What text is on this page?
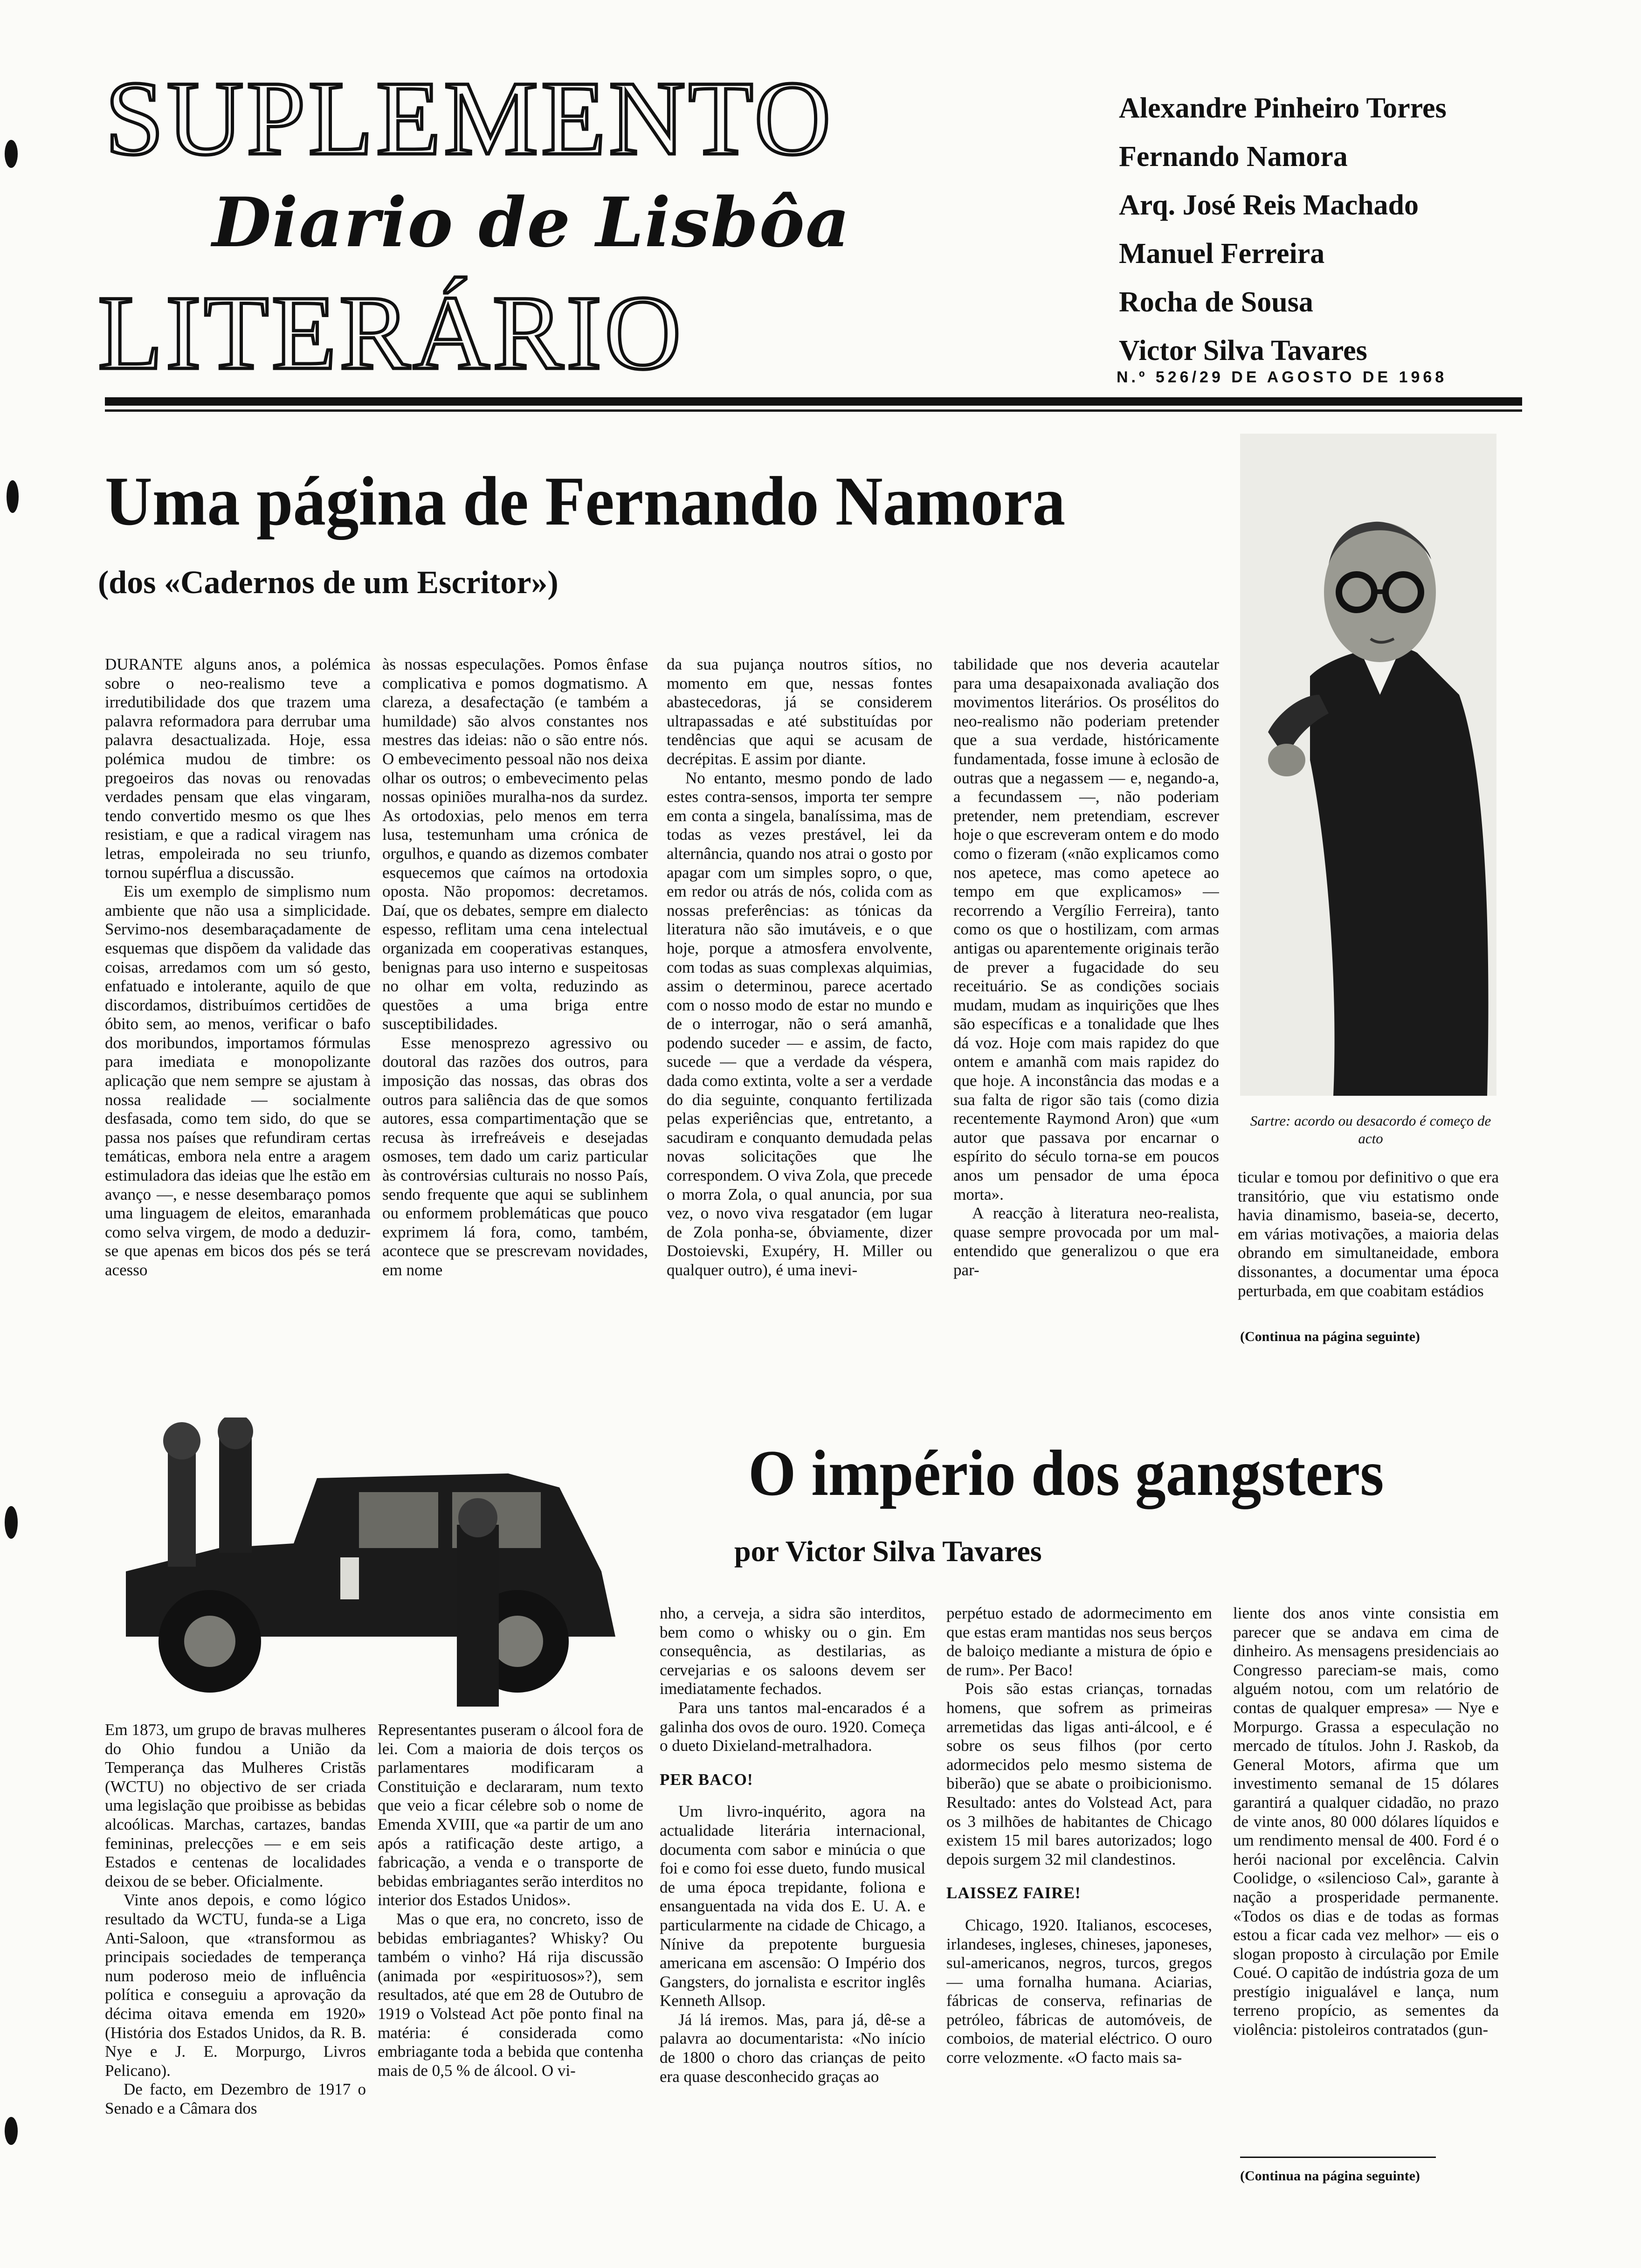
SUPLEMENTO
Diario de Lisbôa
LITERÁRIO
Alexandre Pinheiro Torres
Fernando Namora
Arq. José Reis Machado
Manuel Ferreira
Rocha de Sousa
Victor Silva Tavares
N.º 526/29 DE AGOSTO DE 1968
Uma página de Fernando Namora
(dos «Cadernos de um Escritor»)

DURANTE alguns anos, a polémica sobre o neo-realismo teve a irredutibilidade dos que trazem uma palavra reformadora para derrubar uma palavra desactualizada. Hoje, essa polémica mudou de timbre: os pregoeiros das novas ou renovadas verdades pensam que elas vingaram, tendo convertido mesmo os que lhes resistiam, e que a radical viragem nas letras, empoleirada no seu triunfo, tornou supérflua a discussão.

Eis um exemplo de simplismo num ambiente que não usa a simplicidade. Servimo-nos desembaraçadamente de esquemas que dispõem da validade das coisas, arredamos com um só gesto, enfatuado e intolerante, aquilo de que discordamos, distribuímos certidões de óbito sem, ao menos, verificar o bafo dos moribundos, importamos fórmulas para imediata e monopolizante aplicação que nem sempre se ajustam à nossa realidade — socialmente desfasada, como tem sido, do que se passa nos países que refundiram certas temáticas, embora nela entre a aragem estimuladora das ideias que lhe estão em avanço —, e nesse desembaraço pomos uma linguagem de eleitos, emaranhada como selva virgem, de modo a deduzir-se que apenas em bicos dos pés se terá acesso

às nossas especulações. Pomos ênfase complicativa e pomos dogmatismo. A clareza, a desafectação (e também a humildade) são alvos constantes nos mestres das ideias: não o são entre nós. O embevecimento pessoal não nos deixa olhar os outros; o embevecimento pelas nossas opiniões muralha-nos da surdez. As ortodoxias, pelo menos em terra lusa, testemunham uma crónica de orgulhos, e quando as dizemos combater esquecemos que caímos na ortodoxia oposta. Não propomos: decretamos. Daí, que os debates, sempre em dialecto espesso, reflitam uma cena intelectual organizada em cooperativas estanques, benignas para uso interno e suspeitosas no olhar em volta, reduzindo as questões a uma briga entre susceptibilidades.

Esse menosprezo agressivo ou doutoral das razões dos outros, para imposição das nossas, das obras dos outros para saliência das de que somos autores, essa compartimentação que se recusa às irrefreáveis e desejadas osmoses, tem dado um cariz particular às controvérsias culturais no nosso País, sendo frequente que aqui se sublinhem ou enformem problemáticas que pouco exprimem lá fora, como, também, acontece que se prescrevam novidades, em nome

da sua pujança noutros sítios, no momento em que, nessas fontes abastecedoras, já se considerem ultrapassadas e até substituídas por tendências que aqui se acusam de decrépitas. E assim por diante.

No entanto, mesmo pondo de lado estes contra-sensos, importa ter sempre em conta a singela, banalíssima, mas de todas as vezes prestável, lei da alternância, quando nos atrai o gosto por apagar com um simples sopro, o que, em redor ou atrás de nós, colida com as nossas preferências: as tónicas da literatura não são imutáveis, e o que hoje, porque a atmosfera envolvente, com todas as suas complexas alquimias, assim o determinou, parece acertado com o nosso modo de estar no mundo e de o interrogar, não o será amanhã, podendo suceder — e assim, de facto, sucede — que a verdade da véspera, dada como extinta, volte a ser a verdade do dia seguinte, conquanto fertilizada pelas experiências que, entretanto, a sacudiram e conquanto demudada pelas novas solicitações que lhe correspondem. O viva Zola, que precede o morra Zola, o qual anuncia, por sua vez, o novo viva resgatador (em lugar de Zola ponha-se, óbviamente, dizer Dostoievski, Exupéry, H. Miller ou qualquer outro), é uma inevi-

tabilidade que nos deveria acautelar para uma desapaixonada avaliação dos movimentos literários. Os prosélitos do neo-realismo não poderiam pretender que a sua verdade, históricamente fundamentada, fosse imune à eclosão de outras que a negassem — e, negando-a, a fecundassem —, não poderiam pretender, nem pretendiam, escrever hoje o que escreveram ontem e do modo como o fizeram («não explicamos como nos apetece, mas como apetece ao tempo em que explicamos» — recorrendo a Vergílio Ferreira), tanto como os que o hostilizam, com armas antigas ou aparentemente originais terão de prever a fugacidade do seu receituário. Se as condições sociais mudam, mudam as inquirições que lhes são específicas e a tonalidade que lhes dá voz. Hoje com mais rapidez do que ontem e amanhã com mais rapidez do que hoje. A inconstância das modas e a sua falta de rigor são tais (como dizia recentemente Raymond Aron) que «um autor que passava por encarnar o espírito do século torna-se em poucos anos um pensador de uma época morta».

A reacção à literatura neo-realista, quase sempre provocada por um mal-entendido que generalizou o que era par-

Sartre: acordo ou desacordo é começo de acto

ticular e tomou por definitivo o que era transitório, que viu estatismo onde havia dinamismo, baseia-se, decerto, em várias motivações, a maioria delas obrando em simultaneidade, embora dissonantes, a documentar uma época perturbada, em que coabitam estádios

(Continua na página seguinte)
O império dos gangsters
por Victor Silva Tavares

Em 1873, um grupo de bravas mulheres do Ohio fundou a União da Temperança das Mulheres Cristãs (WCTU) no objectivo de ser criada uma legislação que proibisse as bebidas alcoólicas. Marchas, cartazes, bandas femininas, prelecções — e em seis Estados e centenas de localidades deixou de se beber. Oficialmente.

Vinte anos depois, e como lógico resultado da WCTU, funda-se a Liga Anti-Saloon, que «transformou as principais sociedades de temperança num poderoso meio de influência política e conseguiu a aprovação da décima oitava emenda em 1920» (História dos Estados Unidos, da R. B. Nye e J. E. Morpurgo, Livros Pelicano).

De facto, em Dezembro de 1917 o Senado e a Câmara dos

Representantes puseram o álcool fora de lei. Com a maioria de dois terços os parlamentares modificaram a Constituição e declararam, num texto que veio a ficar célebre sob o nome de Emenda XVIII, que «a partir de um ano após a ratificação deste artigo, a fabricação, a venda e o transporte de bebidas embriagantes serão interditos no interior dos Estados Unidos».

Mas o que era, no concreto, isso de bebidas embriagantes? Whisky? Ou também o vinho? Há rija discussão (animada por «espirituosos»?), sem resultados, até que em 28 de Outubro de 1919 o Volstead Act põe ponto final na matéria: é considerada como embriagante toda a bebida que contenha mais de 0,5 % de álcool. O vi-

nho, a cerveja, a sidra são interditos, bem como o whisky ou o gin. Em consequência, as destilarias, as cervejarias e os saloons devem ser imediatamente fechados.

Para uns tantos mal-encarados é a galinha dos ovos de ouro. 1920. Começa o dueto Dixieland-metralhadora.

PER BACO!

Um livro-inquérito, agora na actualidade literária internacional, documenta com sabor e minúcia o que foi e como foi esse dueto, fundo musical de uma época trepidante, foliona e ensanguentada na vida dos E. U. A. e particularmente na cidade de Chicago, a Nínive da prepotente burguesia americana em ascensão: O Império dos Gangsters, do jornalista e escritor inglês Kenneth Allsop.

Já lá iremos. Mas, para já, dê-se a palavra ao documentarista: «No início de 1800 o choro das crianças de peito era quase desconhecido graças ao

perpétuo estado de adormecimento em que estas eram mantidas nos seus berços de baloiço mediante a mistura de ópio e de rum». Per Baco!

Pois são estas crianças, tornadas homens, que sofrem as primeiras arremetidas das ligas anti-álcool, e é sobre os seus filhos (por certo adormecidos pelo mesmo sistema de biberão) que se abate o proibicionismo. Resultado: antes do Volstead Act, para os 3 milhões de habitantes de Chicago existem 15 mil bares autorizados; logo depois surgem 32 mil clandestinos.

LAISSEZ FAIRE!

Chicago, 1920. Italianos, escoceses, irlandeses, ingleses, chineses, japoneses, sul-americanos, negros, turcos, gregos — uma fornalha humana. Aciarias, fábricas de conserva, refinarias de petróleo, fábricas de automóveis, de comboios, de material eléctrico. O ouro corre velozmente. «O facto mais sa-

liente dos anos vinte consistia em parecer que se andava em cima de dinheiro. As mensagens presidenciais ao Congresso pareciam-se mais, como alguém notou, com um relatório de contas de qualquer empresa» — Nye e Morpurgo. Grassa a especulação no mercado de títulos. John J. Raskob, da General Motors, afirma que um investimento semanal de 15 dólares garantirá a qualquer cidadão, no prazo de vinte anos, 80 000 dólares líquidos e um rendimento mensal de 400. Ford é o herói nacional por excelência. Calvin Coolidge, o «silencioso Cal», garante à nação a prosperidade permanente. «Todos os dias e de todas as formas estou a ficar cada vez melhor» — eis o slogan proposto à circulação por Emile Coué. O capitão de indústria goza de um prestígio inigualável e lança, num terreno propício, as sementes da violência: pistoleiros contratados (gun-

(Continua na página seguinte)
